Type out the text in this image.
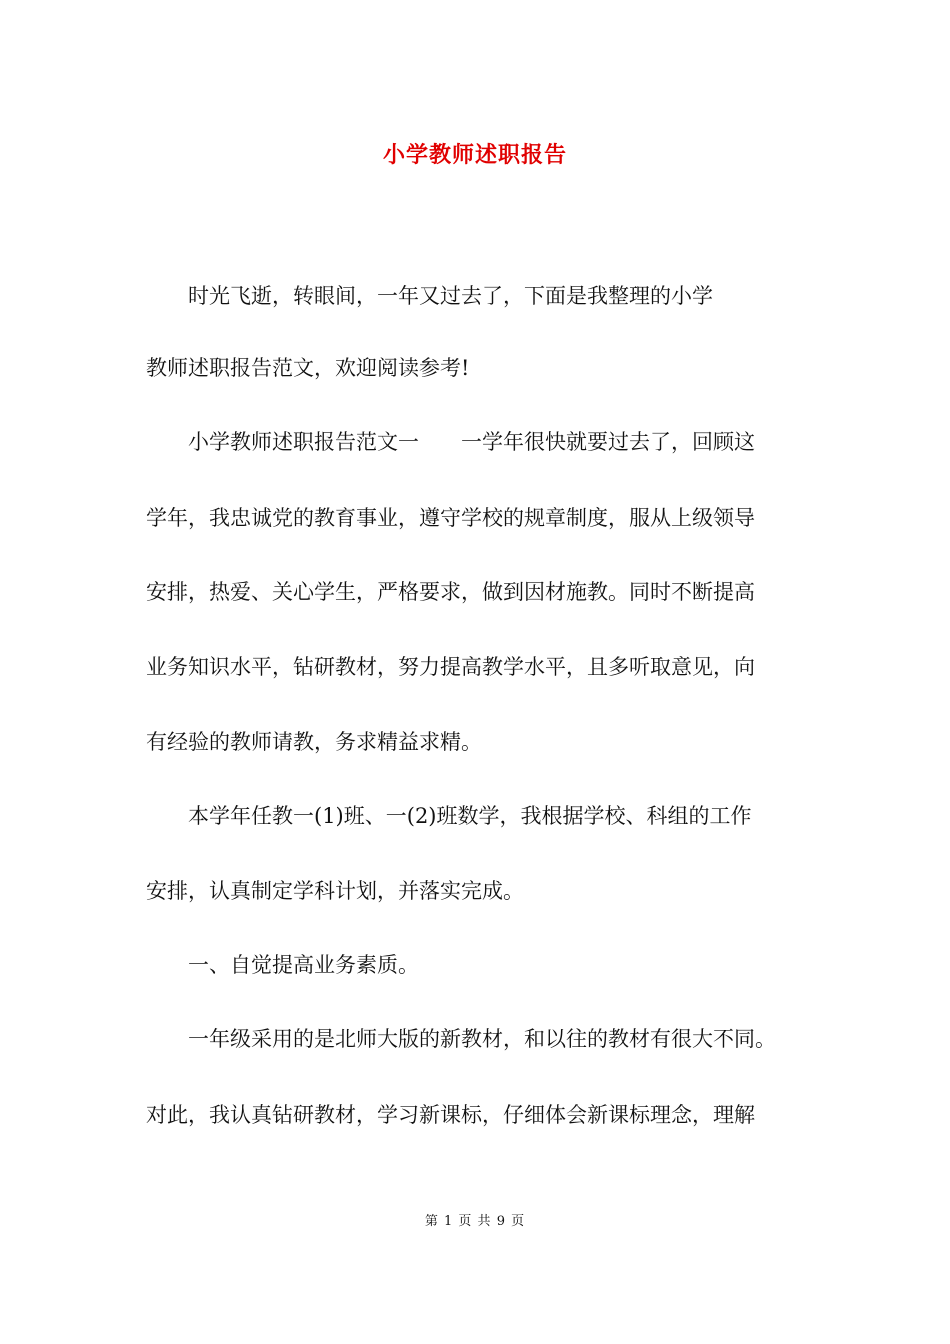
小学教师述职报告
　　时光飞逝，转眼间，一年又过去了，下面是我整理的小学
教师述职报告范文，欢迎阅读参考!
　　小学教师述职报告范文一　　一学年很快就要过去了，回顾这
学年，我忠诚党的教育事业，遵守学校的规章制度，服从上级领导
安排，热爱、关心学生，严格要求，做到因材施教。同时不断提高
业务知识水平，钻研教材，努力提高教学水平，且多听取意见，向
有经验的教师请教，务求精益求精。
　　本学年任教一(1)班、一(2)班数学，我根据学校、科组的工作
安排，认真制定学科计划，并落实完成。
　　一、自觉提高业务素质。
　　一年级采用的是北师大版的新教材，和以往的教材有很大不同。
对此，我认真钻研教材，学习新课标，仔细体会新课标理念，理解
第 1 页 共 9 页
